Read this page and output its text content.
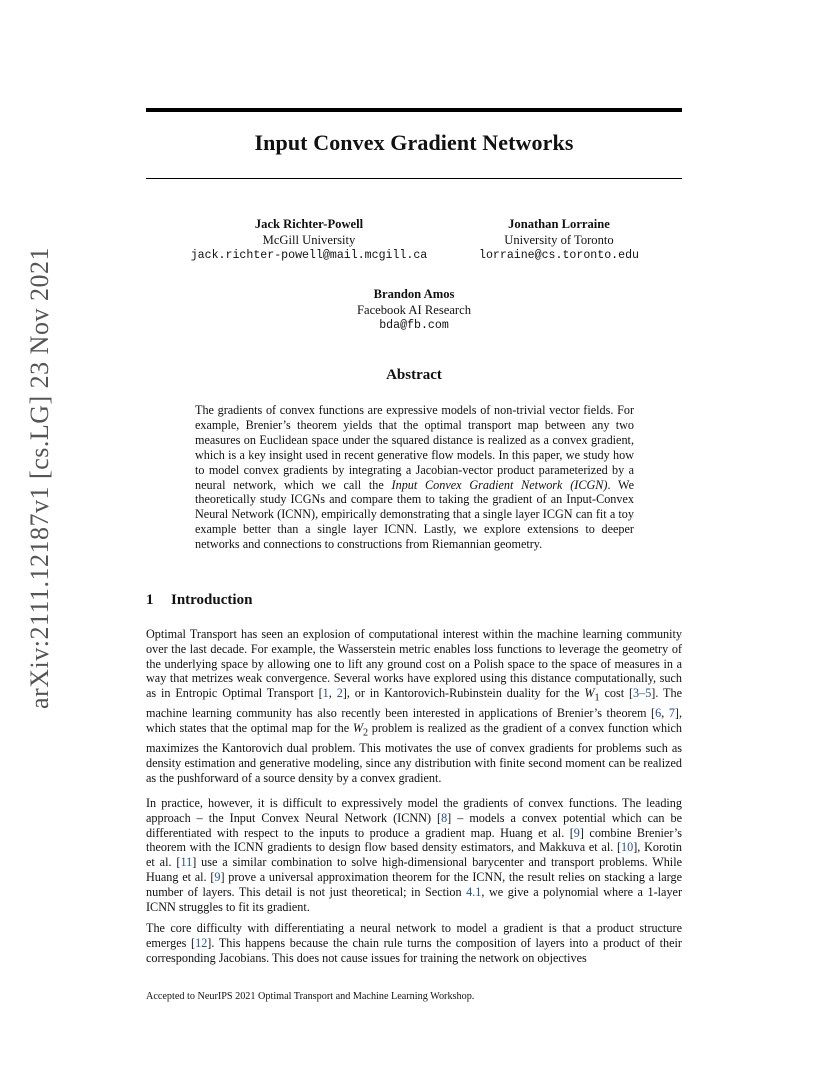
arXiv:2111.12187v1 [cs.LG] 23 Nov 2021
Input Convex Gradient Networks
Jack Richter-Powell
McGill University
jack.richter-powell@mail.mcgill.ca
Jonathan Lorraine
University of Toronto
lorraine@cs.toronto.edu
Brandon Amos
Facebook AI Research
bda@fb.com
Abstract
The gradients of convex functions are expressive models of non-trivial vector fields. For example, Brenier’s theorem yields that the optimal transport map between any two measures on Euclidean space under the squared distance is realized as a convex gradient, which is a key insight used in recent generative flow models. In this paper, we study how to model convex gradients by integrating a Jacobian-vector product parameterized by a neural network, which we call the Input Convex Gradient Network (ICGN). We theoretically study ICGNs and compare them to taking the gradient of an Input-Convex Neural Network (ICNN), empirically demonstrating that a single layer ICGN can fit a toy example better than a single layer ICNN. Lastly, we explore extensions to deeper networks and connections to constructions from Riemannian geometry.
1 Introduction
Optimal Transport has seen an explosion of computational interest within the machine learning community over the last decade. For example, the Wasserstein metric enables loss functions to leverage the geometry of the underlying space by allowing one to lift any ground cost on a Polish space to the space of measures in a way that metrizes weak convergence. Several works have explored using this distance computationally, such as in Entropic Optimal Transport [1, 2], or in Kantorovich-Rubinstein duality for the $W_1$ cost [3–5]. The machine learning community has also recently been interested in applications of Brenier’s theorem [6, 7], which states that the optimal map for the $W_2$ problem is realized as the gradient of a convex function which maximizes the Kantorovich dual problem. This motivates the use of convex gradients for problems such as density estimation and generative modeling, since any distribution with finite second moment can be realized as the pushforward of a source density by a convex gradient.
In practice, however, it is difficult to expressively model the gradients of convex functions. The leading approach – the Input Convex Neural Network (ICNN) [8] – models a convex potential which can be differentiated with respect to the inputs to produce a gradient map. Huang et al. [9] combine Brenier’s theorem with the ICNN gradients to design flow based density estimators, and Makkuva et al. [10], Korotin et al. [11] use a similar combination to solve high-dimensional barycenter and transport problems. While Huang et al. [9] prove a universal approximation theorem for the ICNN, the result relies on stacking a large number of layers. This detail is not just theoretical; in Section 4.1, we give a polynomial where a 1-layer ICNN struggles to fit its gradient.
The core difficulty with differentiating a neural network to model a gradient is that a product structure emerges [12]. This happens because the chain rule turns the composition of layers into a product of their corresponding Jacobians. This does not cause issues for training the network on objectives
Accepted to NeurIPS 2021 Optimal Transport and Machine Learning Workshop.
